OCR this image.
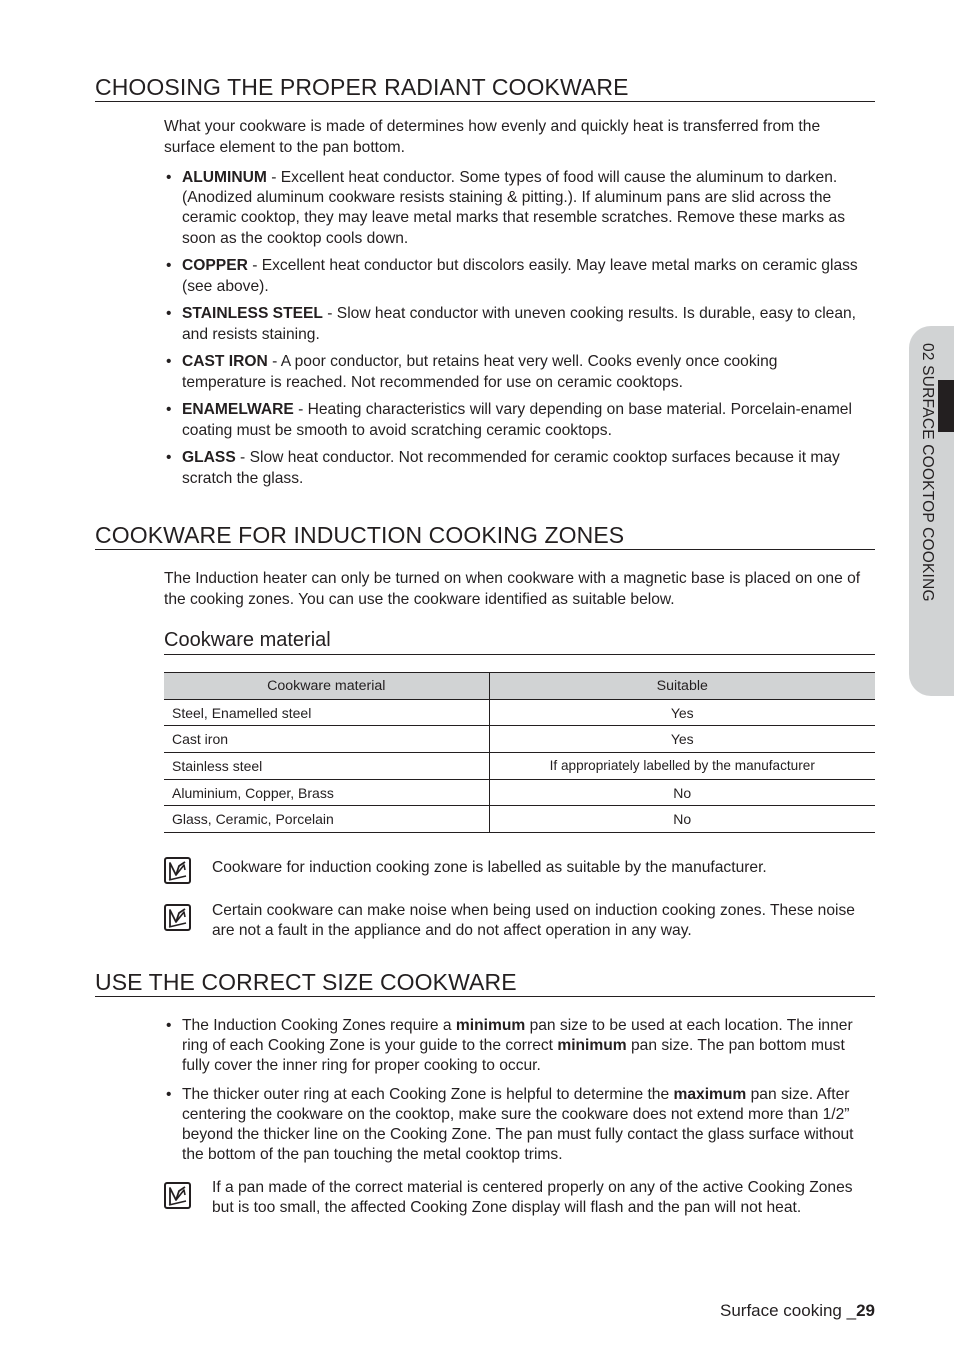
CHOOSING THE PROPER RADIANT COOKWARE

What your cookware is made of determines how evenly and quickly heat is transferred from the surface element to the pan bottom.

• ALUMINUM - Excellent heat conductor. Some types of food will cause the aluminum to darken. (Anodized aluminum cookware resists staining & pitting.). If aluminum pans are slid across the ceramic cooktop, they may leave metal marks that resemble scratches. Remove these marks as soon as the cooktop cools down.
• COPPER - Excellent heat conductor but discolors easily. May leave metal marks on ceramic glass (see above).
• STAINLESS STEEL - Slow heat conductor with uneven cooking results. Is durable, easy to clean, and resists staining.
• CAST IRON - A poor conductor, but retains heat very well. Cooks evenly once cooking temperature is reached. Not recommended for use on ceramic cooktops.
• ENAMELWARE - Heating characteristics will vary depending on base material. Porcelain-enamel coating must be smooth to avoid scratching ceramic cooktops.
• GLASS - Slow heat conductor. Not recommended for ceramic cooktop surfaces because it may scratch the glass.
COOKWARE FOR INDUCTION COOKING ZONES

The Induction heater can only be turned on when cookware with a magnetic base is placed on one of the cooking zones. You can use the cookware identified as suitable below.

Cookware material
Cookware material	Suitable
Steel, Enamelled steel	Yes
Cast iron	Yes
Stainless steel	If appropriately labelled by the manufacturer
Aluminium, Copper, Brass	No
Glass, Ceramic, Porcelain	No
Cookware for induction cooking zone is labelled as suitable by the manufacturer.
Certain cookware can make noise when being used on induction cooking zones. These noise are not a fault in the appliance and do not affect operation in any way.
USE THE CORRECT SIZE COOKWARE
• The Induction Cooking Zones require a minimum pan size to be used at each location. The inner ring of each Cooking Zone is your guide to the correct minimum pan size. The pan bottom must fully cover the inner ring for proper cooking to occur.
• The thicker outer ring at each Cooking Zone is helpful to determine the maximum pan size. After centering the cookware on the cooktop, make sure the cookware does not extend more than 1/2” beyond the thicker line on the Cooking Zone. The pan must fully contact the glass surface without the bottom of the pan touching the metal cooktop trims.
If a pan made of the correct material is centered properly on any of the active Cooking Zones but is too small, the affected Cooking Zone display will flash and the pan will not heat.
02 SURFACE COOKTOP COOKING
Surface cooking _29
